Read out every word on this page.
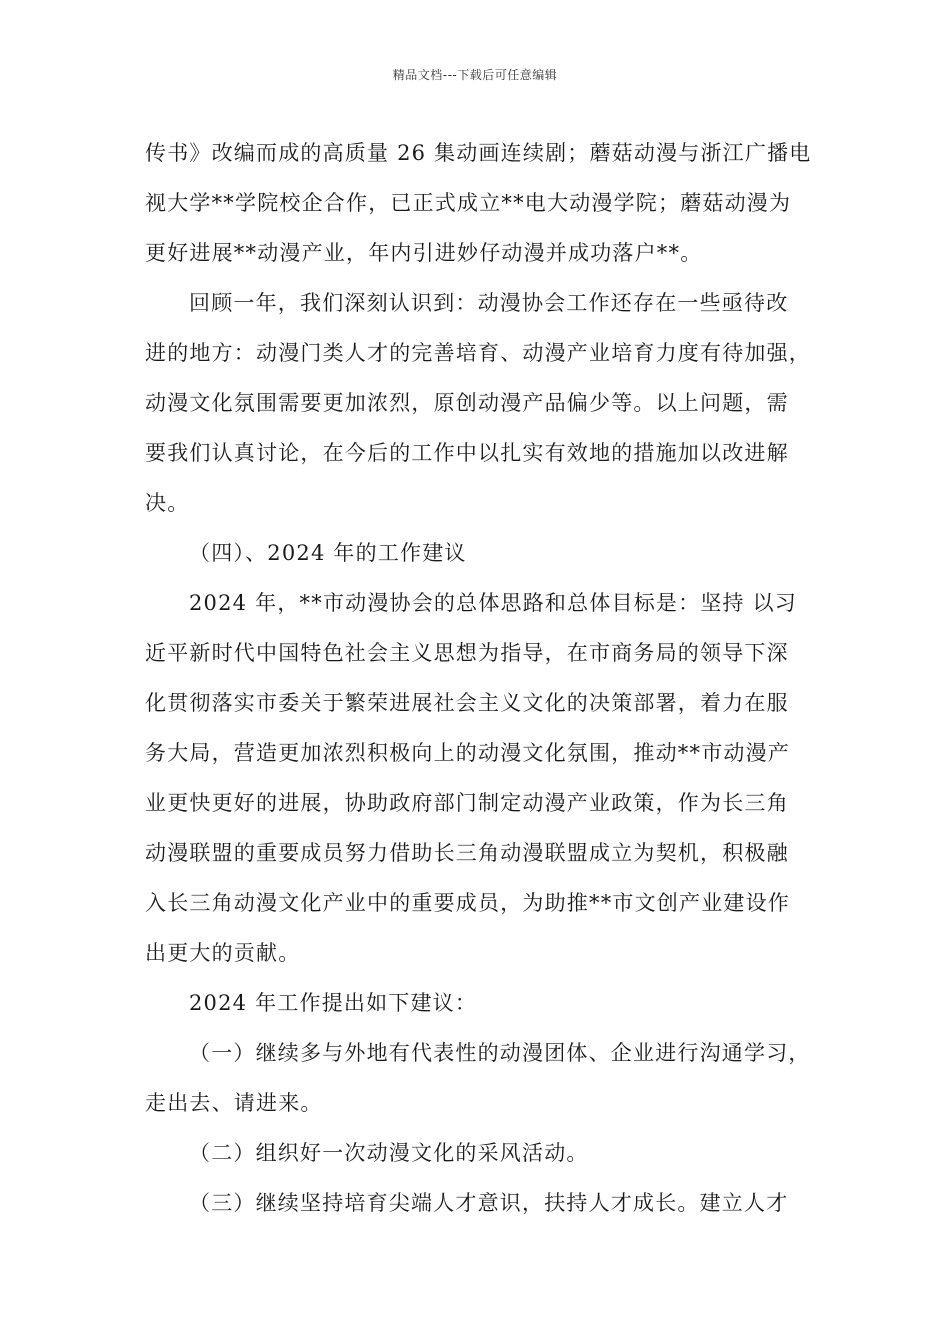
精品文档---下载后可任意编辑
传书》改编而成的高质量 26 集动画连续剧；蘑菇动漫与浙江广播电
视大学**学院校企合作，已正式成立**电大动漫学院；蘑菇动漫为
更好进展**动漫产业，年内引进妙仔动漫并成功落户**。
回顾一年，我们深刻认识到：动漫协会工作还存在一些亟待改
进的地方：动漫门类人才的完善培育、动漫产业培育力度有待加强，
动漫文化氛围需要更加浓烈，原创动漫产品偏少等。以上问题，需
要我们认真讨论，在今后的工作中以扎实有效地的措施加以改进解
决。
（四）、2024 年的工作建议
2024 年，**市动漫协会的总体思路和总体目标是：坚持 以习
近平新时代中国特色社会主义思想为指导，在市商务局的领导下深
化贯彻落实市委关于繁荣进展社会主义文化的决策部署，着力在服
务大局，营造更加浓烈积极向上的动漫文化氛围，推动**市动漫产
业更快更好的进展，协助政府部门制定动漫产业政策，作为长三角
动漫联盟的重要成员努力借助长三角动漫联盟成立为契机，积极融
入长三角动漫文化产业中的重要成员，为助推**市文创产业建设作
出更大的贡献。
2024 年工作提出如下建议：
（一）继续多与外地有代表性的动漫团体、企业进行沟通学习，
走出去、请进来。
（二）组织好一次动漫文化的采风活动。
（三）继续坚持培育尖端人才意识，扶持人才成长。建立人才
